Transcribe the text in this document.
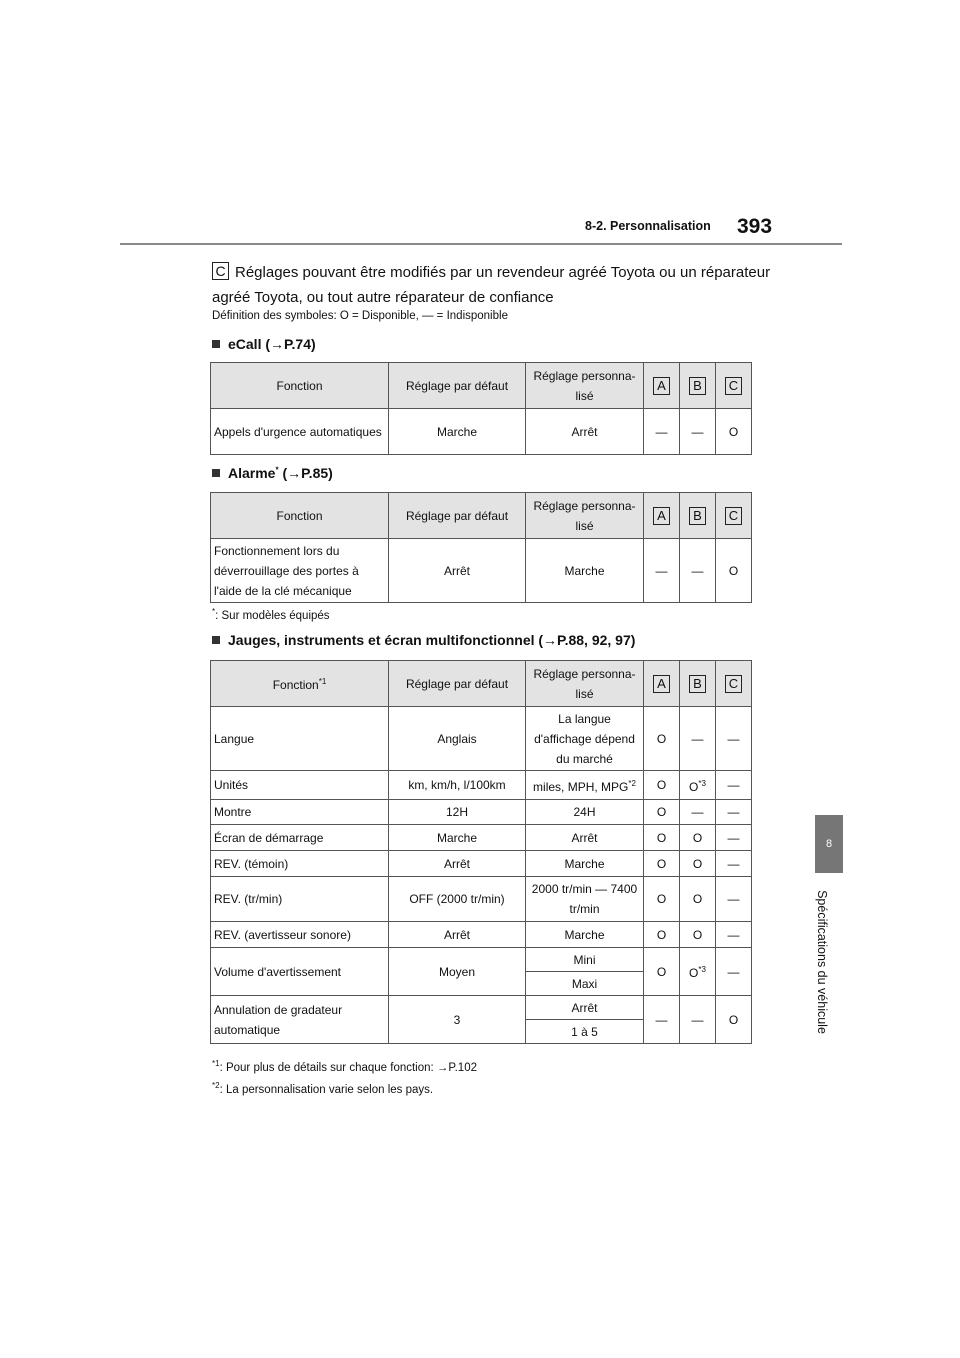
8-2. Personnalisation 393
8
Spécifications du véhicule
C Réglages pouvant être modifiés par un revendeur agréé Toyota ou un réparateur agréé Toyota, ou tout autre réparateur de confiance
Définition des symboles: O = Disponible, — = Indisponible
eCall (→P.74)
Fonction	Réglage par défaut	Réglage personna-lisé	A	B	C
Appels d'urgence automatiques	Marche	Arrêt	—	—	O
Alarme* (→P.85)
Fonction	Réglage par défaut	Réglage personna-lisé	A	B	C
Fonctionnement lors du déverrouillage des portes à l'aide de la clé mécanique	Arrêt	Marche	—	—	O
*: Sur modèles équipés
Jauges, instruments et écran multifonctionnel (→P.88, 92, 97)
Fonction$^{*1}$	Réglage par défaut	Réglage personna-lisé	A	B	C
Langue	Anglais	La langue d'affichage dépend du marché	O	—	—
Unités	km, km/h, l/100km	miles, MPH, MPG$^{*2}$	O	$O^{*3}$	—
Montre	12H	24H	O	—	—
Écran de démarrage	Marche	Arrêt	O	O	—
REV. (témoin)	Arrêt	Marche	O	O	—
REV. (tr/min)	OFF (2000 tr/min)	2000 tr/min — 7400 tr/min	O	O	—
REV. (avertisseur sonore)	Arrêt	Marche	O	O	—
Volume d'avertissement	Moyen	Mini	O	$O^{*3}$	—
		Maxi			
Annulation de gradateur automatique	3	Arrêt	—	—	O
		1 à 5			
$^{*1}$: Pour plus de détails sur chaque fonction: →P.102
$^{*2}$: La personnalisation varie selon les pays.
